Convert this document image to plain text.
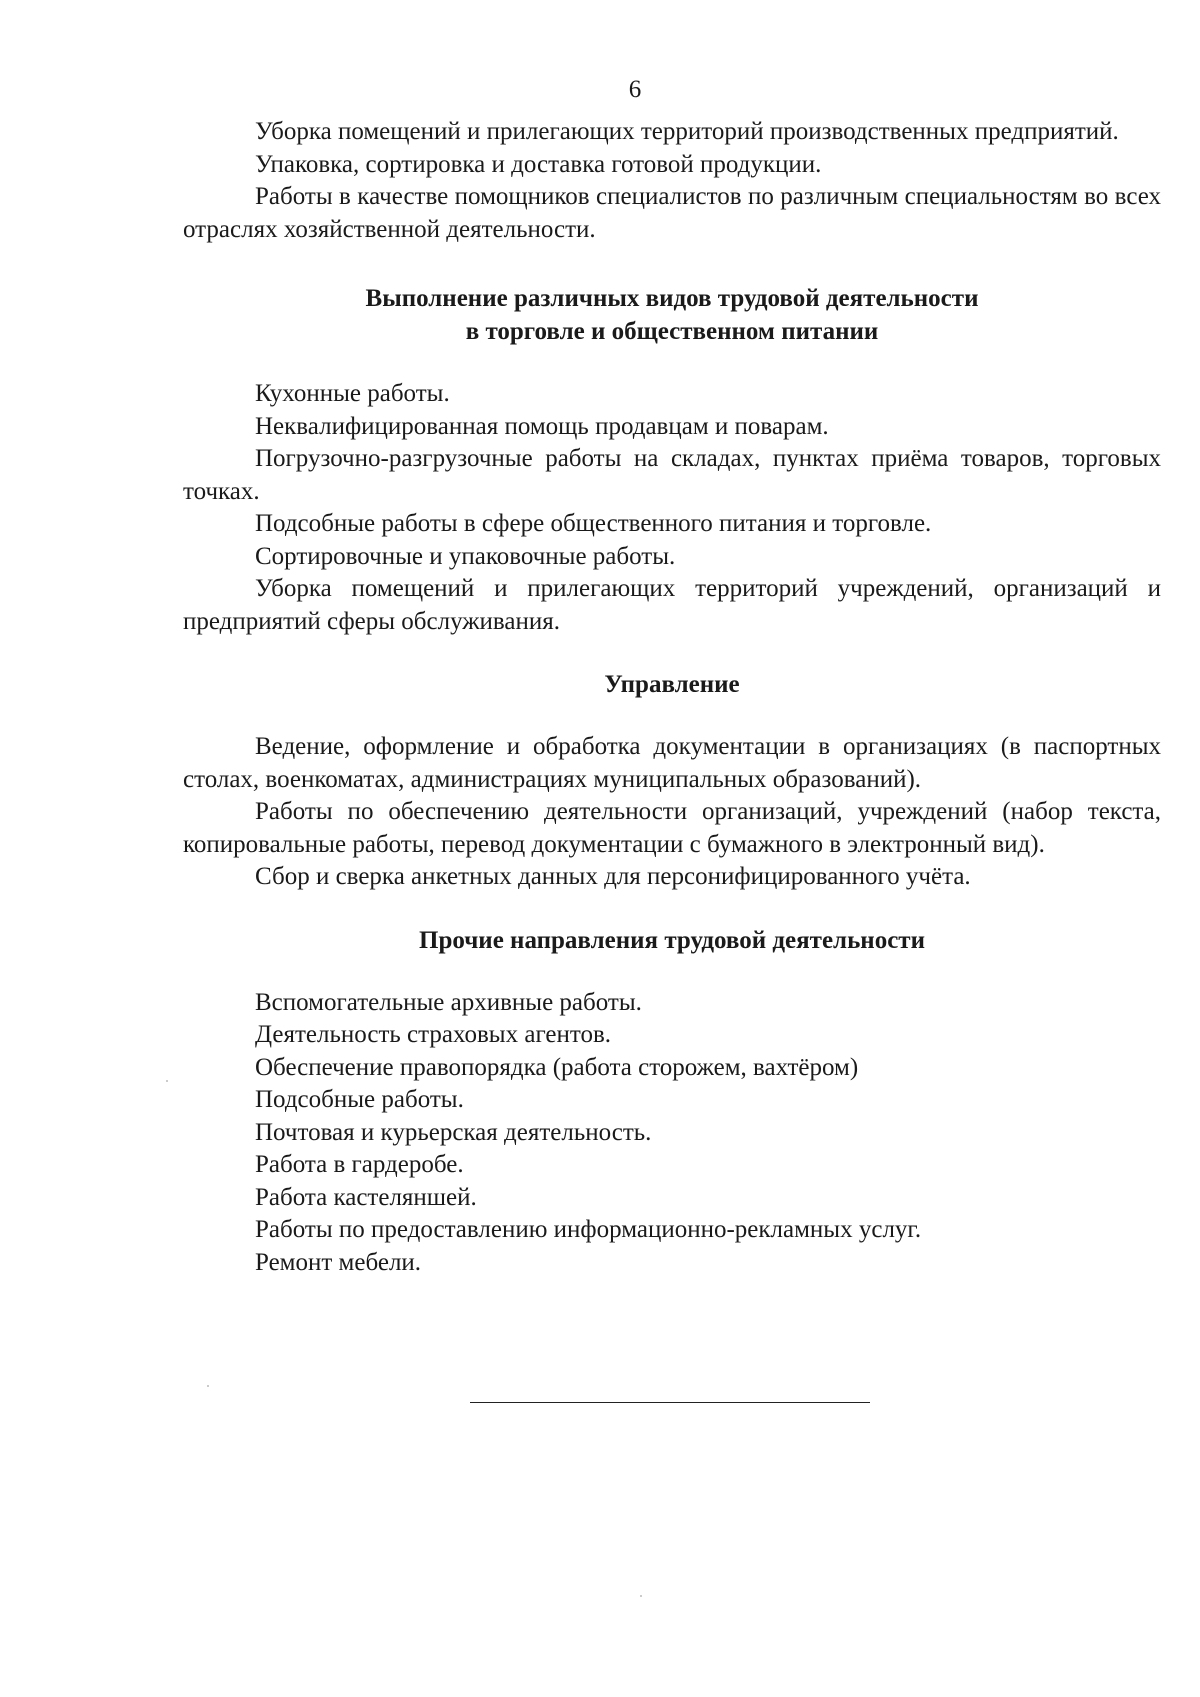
6

Уборка помещений и прилегающих территорий производственных предприятий.

Упаковка, сортировка и доставка готовой продукции.

Работы в качестве помощников специалистов по различным специальностям во всех отраслях хозяйственной деятельности.

Выполнение различных видов трудовой деятельности
в торговле и общественном питании

Кухонные работы.

Неквалифицированная помощь продавцам и поварам.

Погрузочно-разгрузочные работы на складах, пунктах приёма товаров, торговых точках.

Подсобные работы в сфере общественного питания и торговле.

Сортировочные и упаковочные работы.

Уборка помещений и прилегающих территорий учреждений, организаций и предприятий сферы обслуживания.

Управление

Ведение, оформление и обработка документации в организациях (в паспортных столах, военкоматах, администрациях муниципальных образований).

Работы по обеспечению деятельности организаций, учреждений (набор текста, копировальные работы, перевод документации с бумажного в электронный вид).

Сбор и сверка анкетных данных для персонифицированного учёта.

Прочие направления трудовой деятельности

Вспомогательные архивные работы.

Деятельность страховых агентов.

Обеспечение правопорядка (работа сторожем, вахтёром)

Подсобные работы.

Почтовая и курьерская деятельность.

Работа в гардеробе.

Работа кастеляншей.

Работы по предоставлению информационно-рекламных услуг.

Ремонт мебели.
